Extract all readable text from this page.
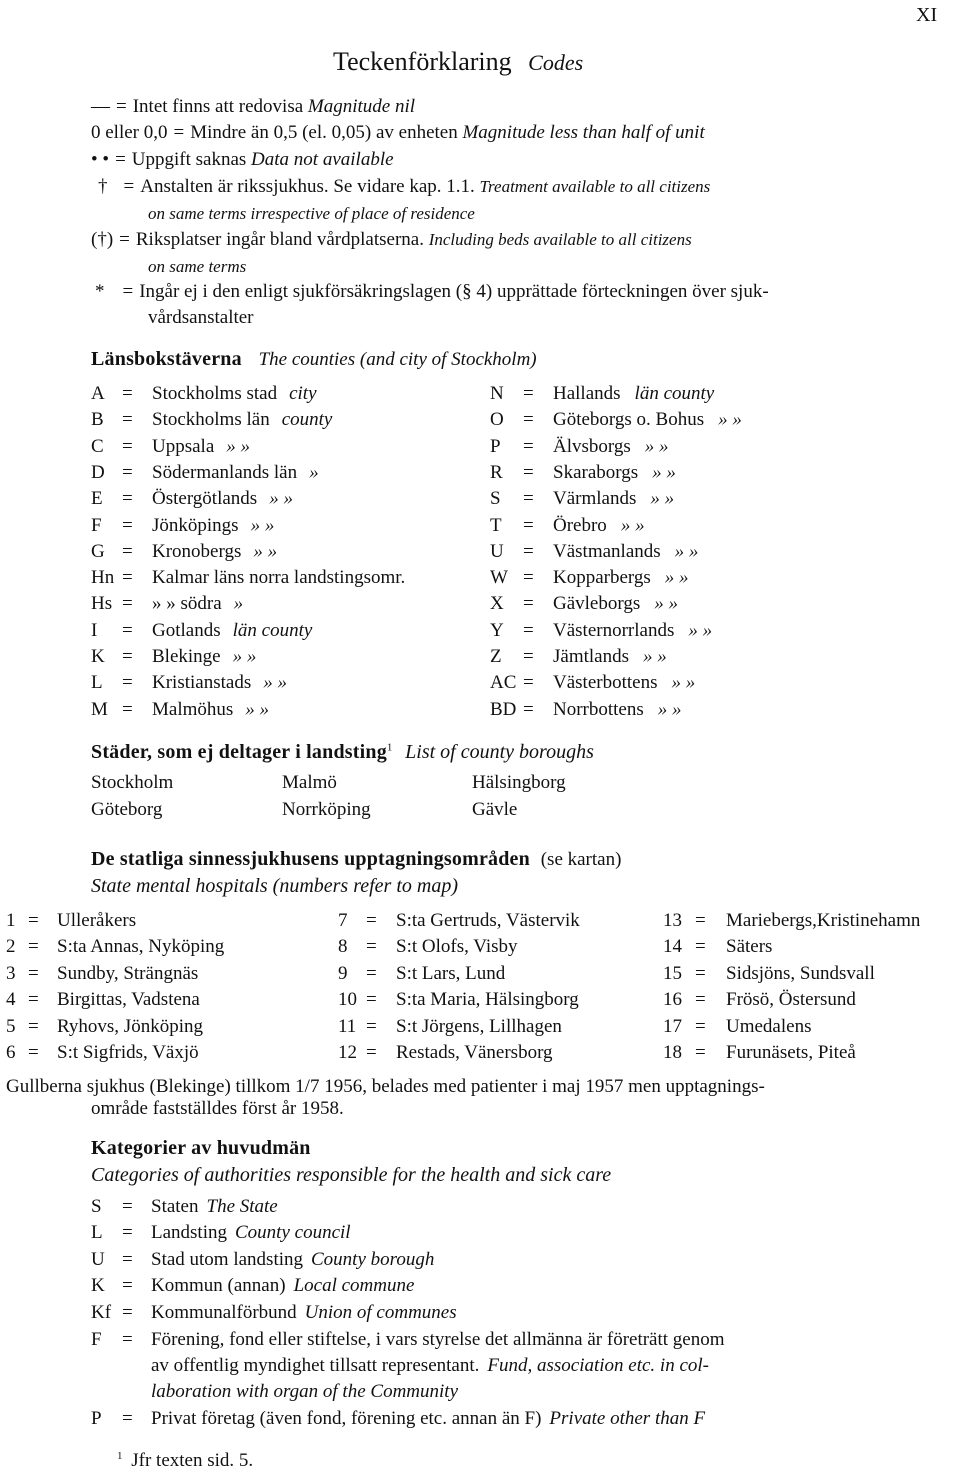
XI
Teckenförklaring Codes
— = Intet finns att redovisa Magnitude nil
0 eller 0,0 = Mindre än 0,5 (el. 0,05) av enheten Magnitude less than half of unit
• • = Uppgift saknas Data not available
† = Anstalten är rikssjukhus. Se vidare kap. 1.1. Treatment available to all citizens
on same terms irrespective of place of residence
(†) = Riksplatser ingår bland vårdplatserna. Including beds available to all citizens
on same terms
* = Ingår ej i den enligt sjukförsäkringslagen (§ 4) upprättade förteckningen över sjuk-
vårdsanstalter
Länsbokstäverna The counties (and city of Stockholm)
A = Stockholms stad city
B = Stockholms län county
C = Uppsala » »
D = Södermanlands län »
E = Östergötlands » »
F = Jönköpings » »
G = Kronobergs » »
Hn = Kalmar läns norra landstingsomr.
Hs = » » södra »
I = Gotlands län county
K = Blekinge » »
L = Kristianstads » »
M = Malmöhus » »
N = Hallands län county
O = Göteborgs o. Bohus » »
P = Älvsborgs » »
R = Skaraborgs » »
S = Värmlands » »
T = Örebro » »
U = Västmanlands » »
W = Kopparbergs » »
X = Gävleborgs » »
Y = Västernorrlands » »
Z = Jämtlands » »
AC = Västerbottens » »
BD = Norrbottens » »
Städer, som ej deltager i landsting$^1$ List of county boroughs
Stockholm	Malmö	Hälsingborg
Göteborg	Norrköping	Gävle
De statliga sinnessjukhusens upptagningsområden (se kartan)
State mental hospitals (numbers refer to map)
1 = Ulleråkers
2 = S:ta Annas, Nyköping
3 = Sundby, Strängnäs
4 = Birgittas, Vadstena
5 = Ryhovs, Jönköping
6 = S:t Sigfrids, Växjö
7 = S:ta Gertruds, Västervik
8 = S:t Olofs, Visby
9 = S:t Lars, Lund
10 = S:ta Maria, Hälsingborg
11 = S:t Jörgens, Lillhagen
12 = Restads, Vänersborg
13 = Mariebergs,Kristinehamn
14 = Säters
15 = Sidsjöns, Sundsvall
16 = Frösö, Östersund
17 = Umedalens
18 = Furunäsets, Piteå
Gullberna sjukhus (Blekinge) tillkom 1/7 1956, belades med patienter i maj 1957 men upptagnings-
område fastställdes först år 1958.
Kategorier av huvudmän
Categories of authorities responsible for the health and sick care
S = Staten The State
L = Landsting County council
U = Stad utom landsting County borough
K = Kommun (annan) Local commune
Kf = Kommunalförbund Union of communes
F = Förening, fond eller stiftelse, i vars styrelse det allmänna är företrätt genom
av offentlig myndighet tillsatt representant. Fund, association etc. in col-
laboration with organ of the Community
P = Privat företag (även fond, förening etc. annan än F) Private other than F
$^1$ Jfr texten sid. 5.
